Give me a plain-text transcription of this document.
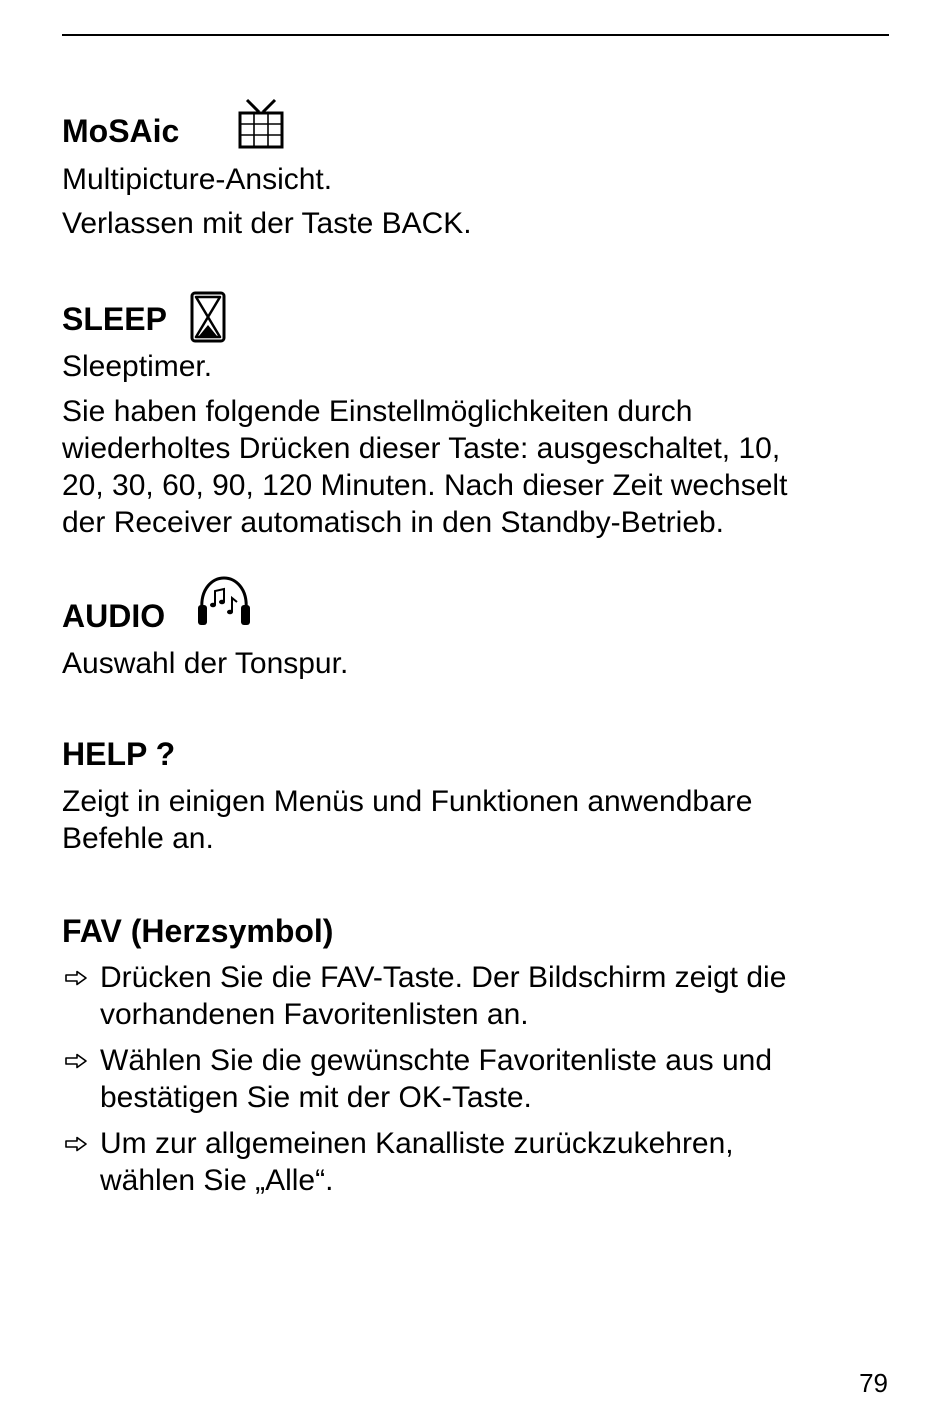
MoSAic
Multipicture-Ansicht.
Verlassen mit der Taste BACK.
SLEEP
Sleeptimer.
Sie haben folgende Einstellmöglichkeiten durch
wiederholtes Drücken dieser Taste: ausgeschaltet, 10,
20, 30, 60, 90, 120 Minuten. Nach dieser Zeit wechselt
der Receiver automatisch in den Standby-Betrieb.
AUDIO
Auswahl der Tonspur.
HELP ?
Zeigt in einigen Menüs und Funktionen anwendbare
Befehle an.
FAV (Herzsymbol)
Drücken Sie die FAV-Taste. Der Bildschirm zeigt die
vorhandenen Favoritenlisten an.
Wählen Sie die gewünschte Favoritenliste aus und
bestätigen Sie mit der OK-Taste.
Um zur allgemeinen Kanalliste zurückzukehren,
wählen Sie „Alle“.
79
